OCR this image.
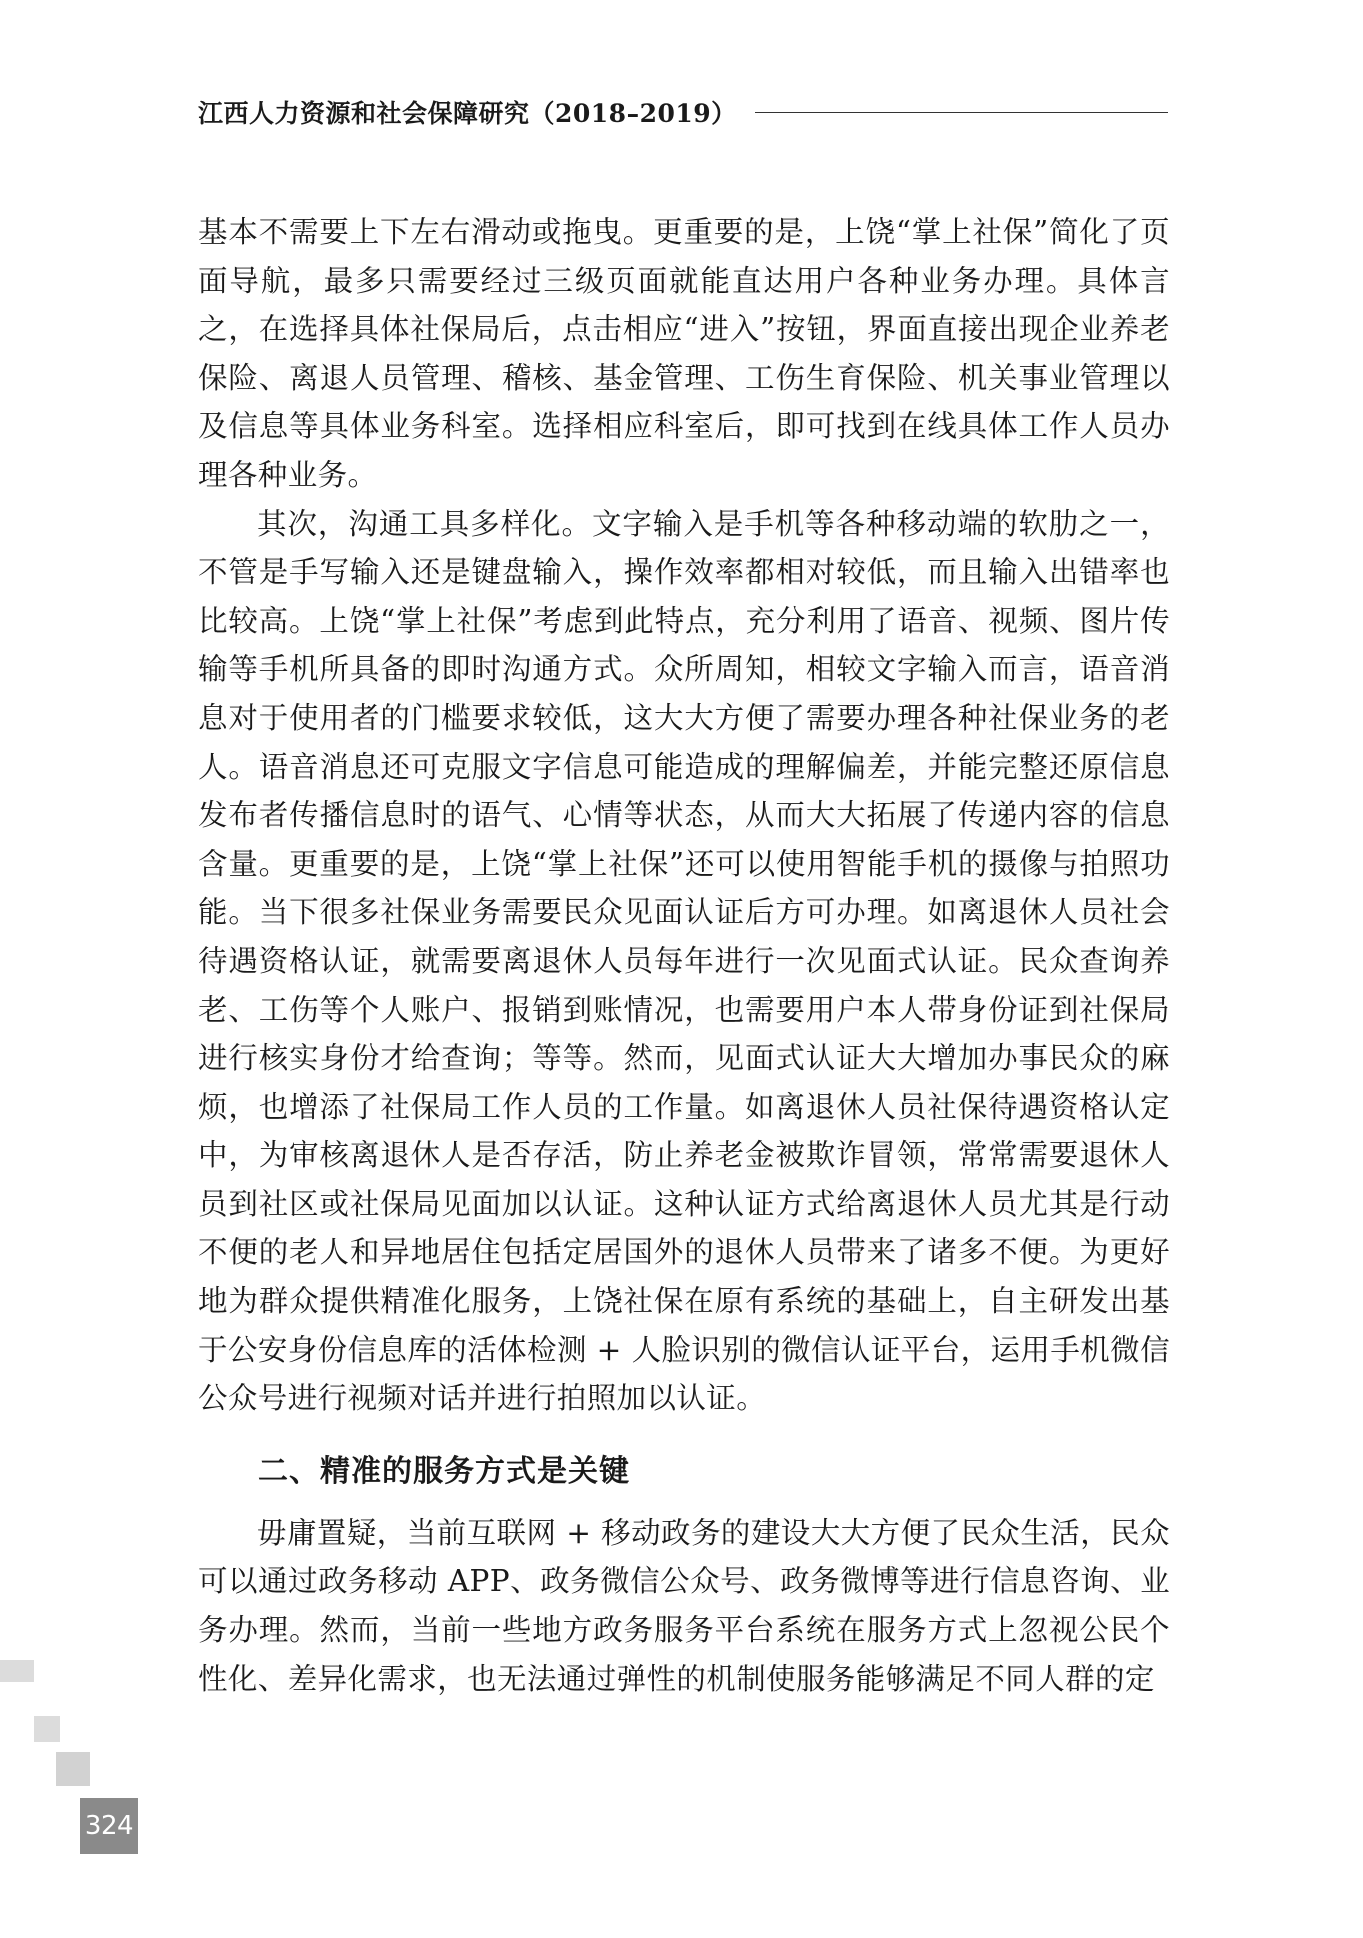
江西人力资源和社会保障研究（2018–2019）

基本不需要上下左右滑动或拖曳。更重要的是，上饶“掌上社保”简化了页面导航，最多只需要经过三级页面就能直达用户各种业务办理。具体言之，在选择具体社保局后，点击相应“进入”按钮，界面直接出现企业养老保险、离退人员管理、稽核、基金管理、工伤生育保险、机关事业管理以及信息等具体业务科室。选择相应科室后，即可找到在线具体工作人员办理各种业务。

其次，沟通工具多样化。文字输入是手机等各种移动端的软肋之一，不管是手写输入还是键盘输入，操作效率都相对较低，而且输入出错率也比较高。上饶“掌上社保”考虑到此特点，充分利用了语音、视频、图片传输等手机所具备的即时沟通方式。众所周知，相较文字输入而言，语音消息对于使用者的门槛要求较低，这大大方便了需要办理各种社保业务的老人。语音消息还可克服文字信息可能造成的理解偏差，并能完整还原信息发布者传播信息时的语气、心情等状态，从而大大拓展了传递内容的信息含量。更重要的是，上饶“掌上社保”还可以使用智能手机的摄像与拍照功能。当下很多社保业务需要民众见面认证后方可办理。如离退休人员社会待遇资格认证，就需要离退休人员每年进行一次见面式认证。民众查询养老、工伤等个人账户、报销到账情况，也需要用户本人带身份证到社保局进行核实身份才给查询；等等。然而，见面式认证大大增加办事民众的麻烦，也增添了社保局工作人员的工作量。如离退休人员社保待遇资格认定中，为审核离退休人是否存活，防止养老金被欺诈冒领，常常需要退休人员到社区或社保局见面加以认证。这种认证方式给离退休人员尤其是行动不便的老人和异地居住包括定居国外的退休人员带来了诸多不便。为更好地为群众提供精准化服务，上饶社保在原有系统的基础上，自主研发出基于公安身份信息库的活体检测 + 人脸识别的微信认证平台，运用手机微信公众号进行视频对话并进行拍照加以认证。

二、精准的服务方式是关键

毋庸置疑，当前互联网 + 移动政务的建设大大方便了民众生活，民众可以通过政务移动 APP、政务微信公众号、政务微博等进行信息咨询、业务办理。然而，当前一些地方政务服务平台系统在服务方式上忽视公民个性化、差异化需求，也无法通过弹性的机制使服务能够满足不同人群的定

324
